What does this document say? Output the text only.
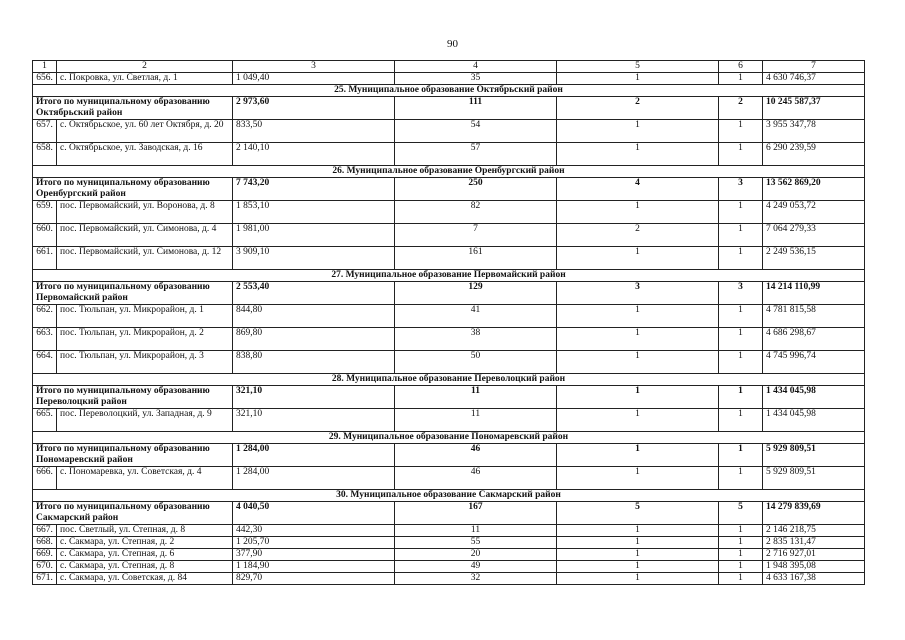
90
1	2	3	4	5	6	7
656.	с. Покровка, ул. Светлая, д. 1	1 049,40	35	1	1	4 630 746,37
25. Муниципальное образование Октябрьский район						
Итого по муниципальному образованию Октябрьский район		2 973,60	111	2	2	10 245 587,37
657.	с. Октябрьское, ул. 60 лет Октября, д. 20	833,50	54	1	1	3 955 347,78
658.	с. Октябрьское, ул. Заводская, д. 16	2 140,10	57	1	1	6 290 239,59
26. Муниципальное образование Оренбургский район						
Итого по муниципальному образованию Оренбургский район		7 743,20	250	4	3	13 562 869,20
659.	пос. Первомайский, ул. Воронова, д. 8	1 853,10	82	1	1	4 249 053,72
660.	пос. Первомайский, ул. Симонова, д. 4	1 981,00	7	2	1	7 064 279,33
661.	пос. Первомайский, ул. Симонова, д. 12	3 909,10	161	1	1	2 249 536,15
27. Муниципальное образование Первомайский район						
Итого по муниципальному образованию Первомайский район		2 553,40	129	3	3	14 214 110,99
662.	пос. Тюльпан, ул. Микрорайон, д. 1	844,80	41	1	1	4 781 815,58
663.	пос. Тюльпан, ул. Микрорайон, д. 2	869,80	38	1	1	4 686 298,67
664.	пос. Тюльпан, ул. Микрорайон, д. 3	838,80	50	1	1	4 745 996,74
28. Муниципальное образование Переволоцкий район						
Итого по муниципальному образованию Переволоцкий район		321,10	11	1	1	1 434 045,98
665.	пос. Переволоцкий, ул. Западная, д. 9	321,10	11	1	1	1 434 045,98
29. Муниципальное образование Пономаревский район						
Итого по муниципальному образованию Пономаревский район		1 284,00	46	1	1	5 929 809,51
666.	с. Пономаревка, ул. Советская, д. 4	1 284,00	46	1	1	5 929 809,51
30. Муниципальное образование Сакмарский район						
Итого по муниципальному образованию Сакмарский район		4 040,50	167	5	5	14 279 839,69
667.	пос. Светлый, ул. Степная, д. 8	442,30	11	1	1	2 146 218,75
668.	с. Сакмара, ул. Степная, д. 2	1 205,70	55	1	1	2 835 131,47
669.	с. Сакмара, ул. Степная, д. 6	377,90	20	1	1	2 716 927,01
670.	с. Сакмара, ул. Степная, д. 8	1 184,90	49	1	1	1 948 395,08
671.	с. Сакмара, ул. Советская, д. 84	829,70	32	1	1	4 633 167,38
